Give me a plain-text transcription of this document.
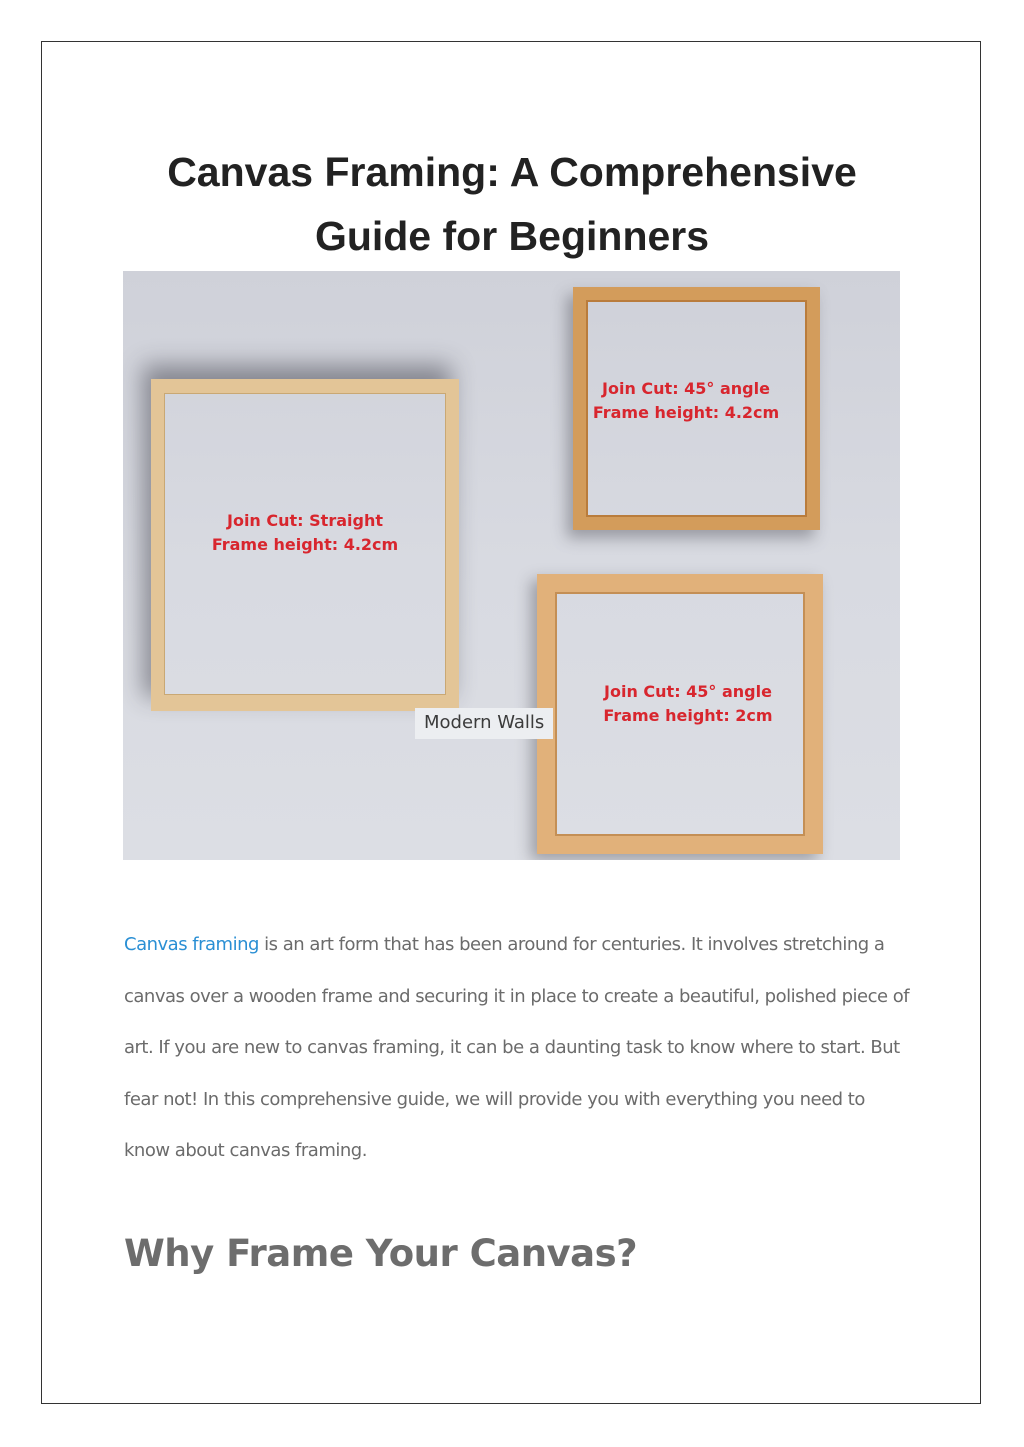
Canvas Framing: A Comprehensive
Guide for Beginners
Join Cut: Straight
Frame height: 4.2cm
Join Cut: 45° angle
Frame height: 4.2cm
Join Cut: 45° angle
Frame height: 2cm
Modern Walls

Canvas framing is an art form that has been around for centuries. It involves stretching a canvas over a wooden frame and securing it in place to create a beautiful, polished piece of art. If you are new to canvas framing, it can be a daunting task to know where to start. But fear not! In this comprehensive guide, we will provide you with everything you need to know about canvas framing.

Why Frame Your Canvas?
